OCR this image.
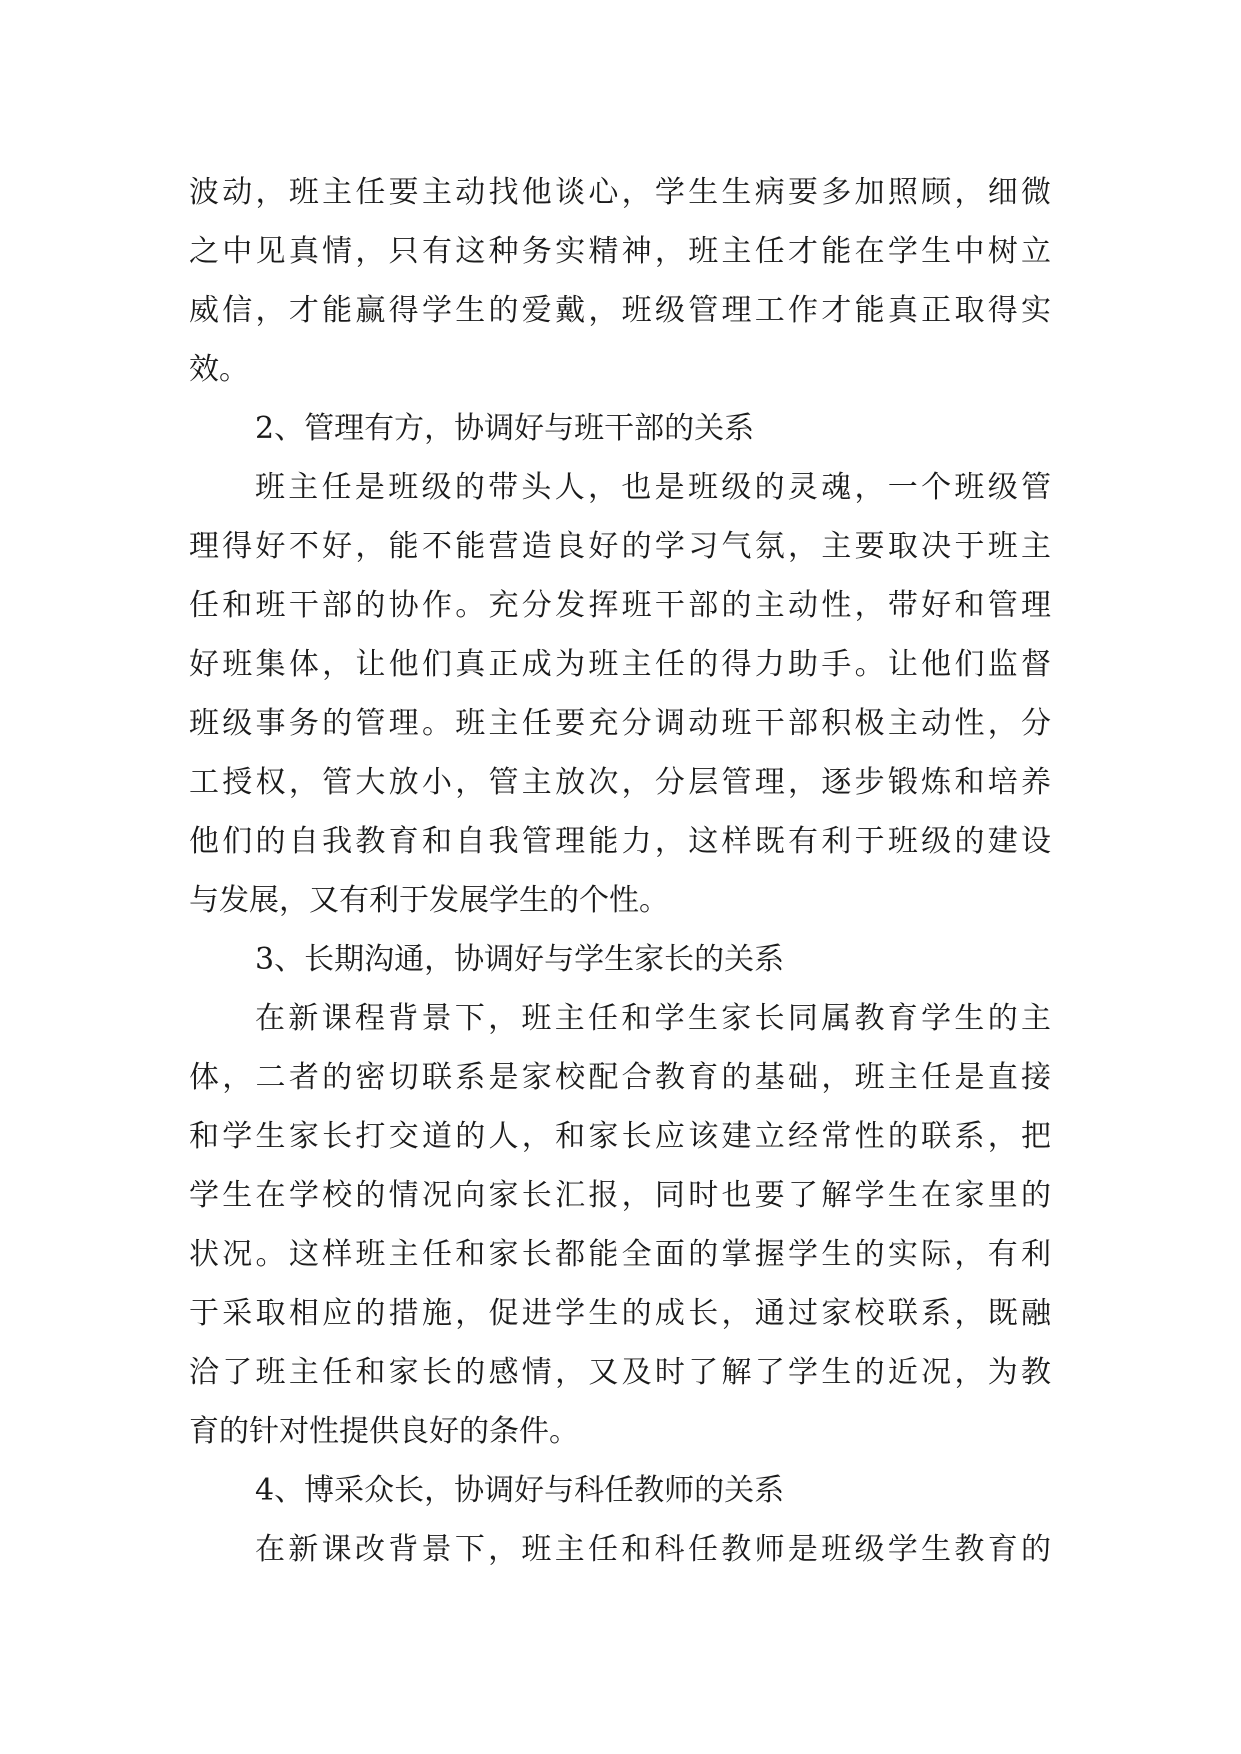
波动，班主任要主动找他谈心，学生生病要多加照顾，细微
之中见真情，只有这种务实精神，班主任才能在学生中树立
威信，才能赢得学生的爱戴，班级管理工作才能真正取得实
效。
2、管理有方，协调好与班干部的关系
班主任是班级的带头人，也是班级的灵魂，一个班级管
理得好不好，能不能营造良好的学习气氛，主要取决于班主
任和班干部的协作。充分发挥班干部的主动性，带好和管理
好班集体，让他们真正成为班主任的得力助手。让他们监督
班级事务的管理。班主任要充分调动班干部积极主动性，分
工授权，管大放小，管主放次，分层管理，逐步锻炼和培养
他们的自我教育和自我管理能力，这样既有利于班级的建设
与发展，又有利于发展学生的个性。
3、长期沟通，协调好与学生家长的关系
在新课程背景下，班主任和学生家长同属教育学生的主
体，二者的密切联系是家校配合教育的基础，班主任是直接
和学生家长打交道的人，和家长应该建立经常性的联系，把
学生在学校的情况向家长汇报，同时也要了解学生在家里的
状况。这样班主任和家长都能全面的掌握学生的实际，有利
于采取相应的措施，促进学生的成长，通过家校联系，既融
洽了班主任和家长的感情，又及时了解了学生的近况，为教
育的针对性提供良好的条件。
4、博采众长，协调好与科任教师的关系
在新课改背景下，班主任和科任教师是班级学生教育的
